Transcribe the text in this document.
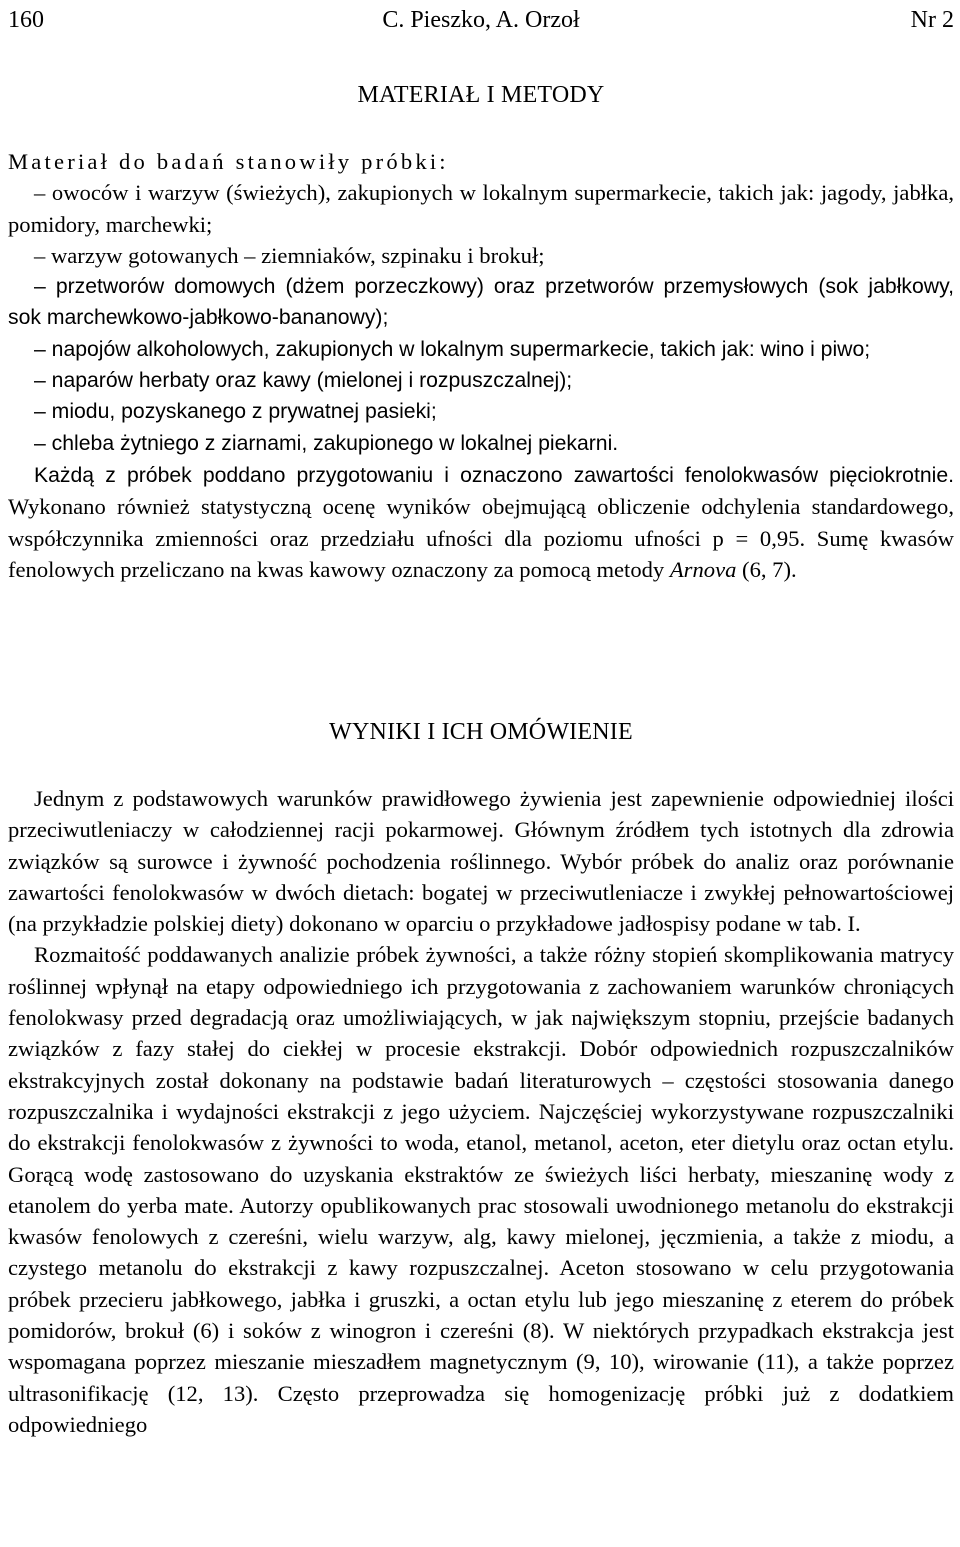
160	C. Pieszko, A. Orzoł	Nr 2
MATERIAŁ I METODY

Materiał do badań stanowiły próbki:

– owoców i warzyw (świeżych), zakupionych w lokalnym supermarkecie, takich jak: jagody, jabłka, pomidory, marchewki;

– warzyw gotowanych – ziemniaków, szpinaku i brokuł;

– przetworów domowych (dżem porzeczkowy) oraz przetworów przemysłowych (sok jabłkowy, sok marchewkowo-jabłkowo-bananowy);

– napojów alkoholowych, zakupionych w lokalnym supermarkecie, takich jak: wino i piwo;

– naparów herbaty oraz kawy (mielonej i rozpuszczalnej);

– miodu, pozyskanego z prywatnej pasieki;

– chleba żytniego z ziarnami, zakupionego w lokalnej piekarni.

Każdą z próbek poddano przygotowaniu i oznaczono zawartości fenolokwasów pięciokrotnie. Wykonano również statystyczną ocenę wyników obejmującą obliczenie odchylenia standardowego, współczynnika zmienności oraz przedziału ufności dla poziomu ufności p = 0,95. Sumę kwasów fenolowych przeliczano na kwas kawowy oznaczony za pomocą metody Arnova (6, 7).

WYNIKI I ICH OMÓWIENIE

Jednym z podstawowych warunków prawidłowego żywienia jest zapewnienie odpowiedniej ilości przeciwutleniaczy w całodziennej racji pokarmowej. Głównym źródłem tych istotnych dla zdrowia związków są surowce i żywność pochodzenia roślinnego. Wybór próbek do analiz oraz porównanie zawartości fenolokwasów w dwóch dietach: bogatej w przeciwutleniacze i zwykłej pełnowartościowej (na przykładzie polskiej diety) dokonano w oparciu o przykładowe jadłospisy podane w tab. I.

Rozmaitość poddawanych analizie próbek żywności, a także różny stopień skomplikowania matrycy roślinnej wpłynął na etapy odpowiedniego ich przygotowania z zachowaniem warunków chroniących fenolokwasy przed degradacją oraz umożliwiających, w jak największym stopniu, przejście badanych związków z fazy stałej do ciekłej w procesie ekstrakcji. Dobór odpowiednich rozpuszczalników ekstrakcyjnych został dokonany na podstawie badań literaturowych – częstości stosowania danego rozpuszczalnika i wydajności ekstrakcji z jego użyciem. Najczęściej wykorzystywane rozpuszczalniki do ekstrakcji fenolokwasów z żywności to woda, etanol, metanol, aceton, eter dietylu oraz octan etylu. Gorącą wodę zastosowano do uzyskania ekstraktów ze świeżych liści herbaty, mieszaninę wody z etanolem do yerba mate. Autorzy opublikowanych prac stosowali uwodnionego metanolu do ekstrakcji kwasów fenolowych z czereśni, wielu warzyw, alg, kawy mielonej, jęczmienia, a także z miodu, a czystego metanolu do ekstrakcji z kawy rozpuszczalnej. Aceton stosowano w celu przygotowania próbek przecieru jabłkowego, jabłka i gruszki, a octan etylu lub jego mieszaninę z eterem do próbek pomidorów, brokuł (6) i soków z winogron i czereśni (8). W niektórych przypadkach ekstrakcja jest wspomagana poprzez mieszanie mieszadłem magnetycznym (9, 10), wirowanie (11), a także poprzez ultrasonifikację (12, 13). Często przeprowadza się homogenizację próbki już z dodatkiem odpowiedniego
